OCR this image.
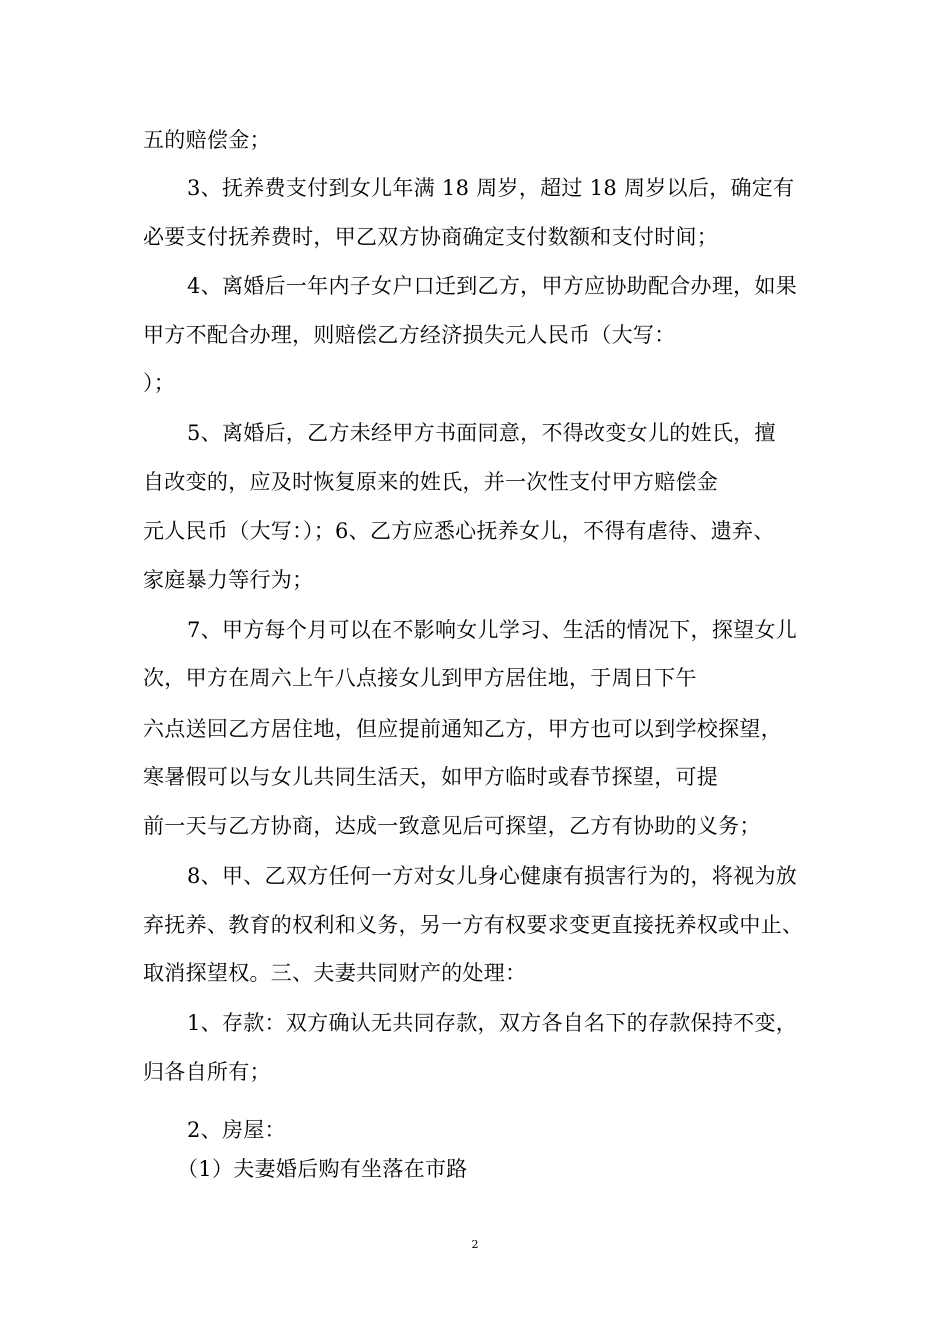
五的赔偿金；
3、抚养费支付到女儿年满 18 周岁，超过 18 周岁以后，确定有
必要支付抚养费时，甲乙双方协商确定支付数额和支付时间；
4、离婚后一年内子女户口迁到乙方，甲方应协助配合办理，如果
甲方不配合办理，则赔偿乙方经济损失元人民币（大写：
）；
5、离婚后，乙方未经甲方书面同意，不得改变女儿的姓氏，擅
自改变的，应及时恢复原来的姓氏，并一次性支付甲方赔偿金
元人民币（大写：）；6、乙方应悉心抚养女儿，不得有虐待、遗弃、
家庭暴力等行为；
7、甲方每个月可以在不影响女儿学习、生活的情况下，探望女儿
次，甲方在周六上午八点接女儿到甲方居住地，于周日下午
六点送回乙方居住地，但应提前通知乙方，甲方也可以到学校探望，
寒暑假可以与女儿共同生活天，如甲方临时或春节探望，可提
前一天与乙方协商，达成一致意见后可探望，乙方有协助的义务；
8、甲、乙双方任何一方对女儿身心健康有损害行为的，将视为放
弃抚养、教育的权利和义务，另一方有权要求变更直接抚养权或中止、
取消探望权。三、夫妻共同财产的处理：
1、存款：双方确认无共同存款，双方各自名下的存款保持不变，
归各自所有；
2、房屋：
（1）夫妻婚后购有坐落在市路
2
